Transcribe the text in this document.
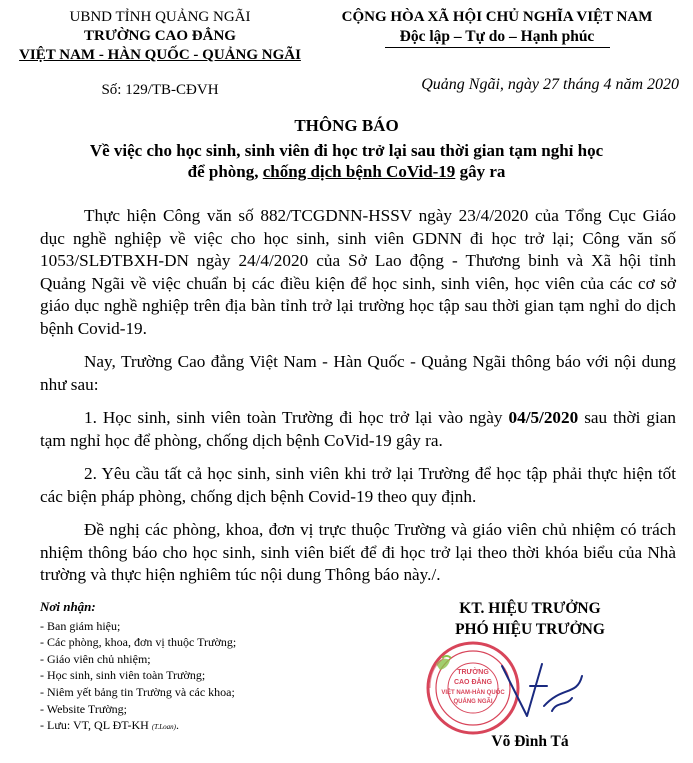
UBND TỈNH QUẢNG NGÃI
TRƯỜNG CAO ĐẲNG
VIỆT NAM - HÀN QUỐC - QUẢNG NGÃI
Số: 129/TB-CĐVH
CỘNG HÒA XÃ HỘI CHỦ NGHĨA VIỆT NAM
Độc lập – Tự do – Hạnh phúc
Quảng Ngãi, ngày 27 tháng 4 năm 2020
THÔNG BÁO
Về việc cho học sinh, sinh viên đi học trở lại sau thời gian tạm nghỉ học
để phòng, chống dịch bệnh CoVid-19 gây ra

Thực hiện Công văn số 882/TCGDNN-HSSV ngày 23/4/2020 của Tổng Cục Giáo dục nghề nghiệp về việc cho học sinh, sinh viên GDNN đi học trở lại; Công văn số 1053/SLĐTBXH-DN ngày 24/4/2020 của Sở Lao động - Thương binh và Xã hội tỉnh Quảng Ngãi về việc chuẩn bị các điều kiện để học sinh, sinh viên, học viên của các cơ sở giáo dục nghề nghiệp trên địa bàn tỉnh trở lại trường học tập sau thời gian tạm nghỉ do dịch bệnh Covid-19.

Nay, Trường Cao đẳng Việt Nam - Hàn Quốc - Quảng Ngãi thông báo với nội dung như sau:

1. Học sinh, sinh viên toàn Trường đi học trở lại vào ngày 04/5/2020 sau thời gian tạm nghỉ học để phòng, chống dịch bệnh CoVid-19 gây ra.

2. Yêu cầu tất cả học sinh, sinh viên khi trở lại Trường để học tập phải thực hiện tốt các biện pháp phòng, chống dịch bệnh Covid-19 theo quy định.

Đề nghị các phòng, khoa, đơn vị trực thuộc Trường và giáo viên chủ nhiệm có trách nhiệm thông báo cho học sinh, sinh viên biết để đi học trở lại theo thời khóa biểu của Nhà trường và thực hiện nghiêm túc nội dung Thông báo này./.

Nơi nhận:
- Ban giám hiệu;
- Các phòng, khoa, đơn vị thuộc Trường;
- Giáo viên chủ nhiệm;
- Học sinh, sinh viên toàn Trường;
- Niêm yết bảng tin Trường và các khoa;
- Website Trường;
- Lưu: VT, QL ĐT-KH (T.Loan).
KT. HIỆU TRƯỞNG
PHÓ HIỆU TRƯỞNG
TRƯỜNG
CAO ĐẲNG
VIỆT NAM-HÀN QUỐC
QUẢNG NGÃI
Võ Đình Tá
